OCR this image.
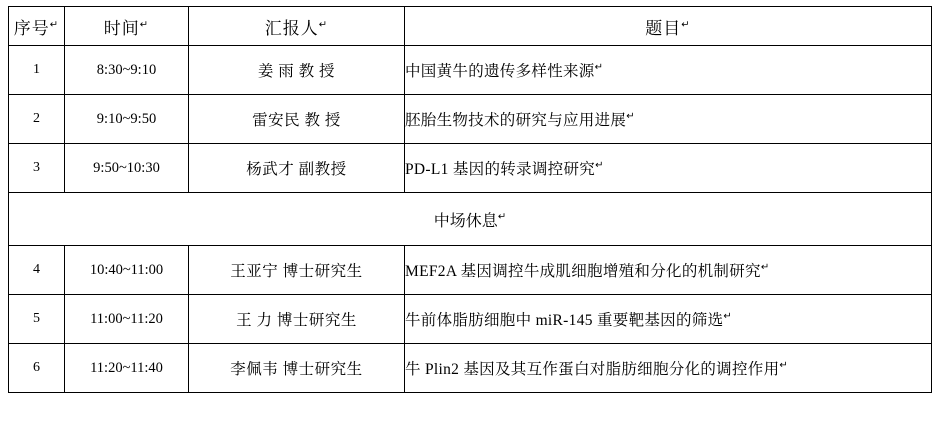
序号↵	时间↵	汇报人↵	题目↵
1	8:30~9:10	姜 雨 教 授	中国黄牛的遗传多样性来源↵
2	9:10~9:50	雷安民 教 授	胚胎生物技术的研究与应用进展↵
3	9:50~10:30	杨武才 副教授	PD-L1 基因的转录调控研究↵
中场休息↵
4	10:40~11:00	王亚宁 博士研究生	MEF2A 基因调控牛成肌细胞增殖和分化的机制研究↵
5	11:00~11:20	王 力 博士研究生	牛前体脂肪细胞中 miR-145 重要靶基因的筛选↵
6	11:20~11:40	李佩韦 博士研究生	牛 Plin2 基因及其互作蛋白对脂肪细胞分化的调控作用↵
